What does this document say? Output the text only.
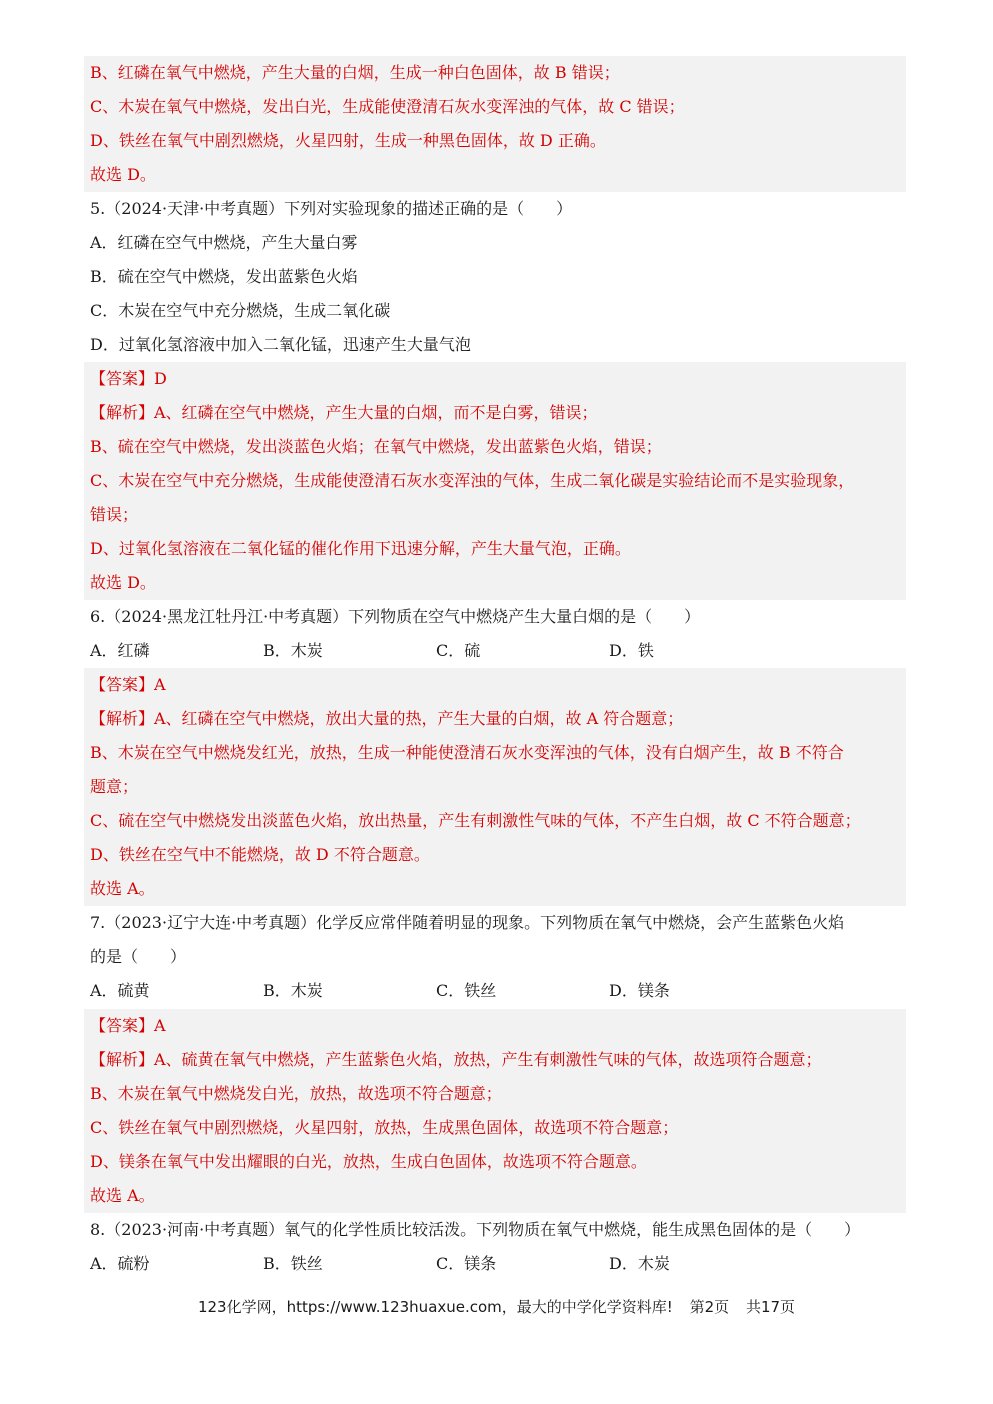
B、红磷在氧气中燃烧，产生大量的白烟，生成一种白色固体，故 B 错误；
C、木炭在氧气中燃烧，发出白光，生成能使澄清石灰水变浑浊的气体，故 C 错误；
D、铁丝在氧气中剧烈燃烧，火星四射，生成一种黑色固体，故 D 正确。
故选 D。
5.（2024·天津·中考真题）下列对实验现象的描述正确的是（　　）
A．红磷在空气中燃烧，产生大量白雾
B．硫在空气中燃烧，发出蓝紫色火焰
C．木炭在空气中充分燃烧，生成二氧化碳
D．过氧化氢溶液中加入二氧化锰，迅速产生大量气泡
【答案】D
【解析】A、红磷在空气中燃烧，产生大量的白烟，而不是白雾，错误；
B、硫在空气中燃烧，发出淡蓝色火焰；在氧气中燃烧，发出蓝紫色火焰，错误；
C、木炭在空气中充分燃烧，生成能使澄清石灰水变浑浊的气体，生成二氧化碳是实验结论而不是实验现象，
错误；
D、过氧化氢溶液在二氧化锰的催化作用下迅速分解，产生大量气泡，正确。
故选 D。
6.（2024·黑龙江牡丹江·中考真题）下列物质在空气中燃烧产生大量白烟的是（　　）
A．红磷	B．木炭	C．硫	D．铁
【答案】A
【解析】A、红磷在空气中燃烧，放出大量的热，产生大量的白烟，故 A 符合题意；
B、木炭在空气中燃烧发红光，放热，生成一种能使澄清石灰水变浑浊的气体，没有白烟产生，故 B 不符合
题意；
C、硫在空气中燃烧发出淡蓝色火焰，放出热量，产生有刺激性气味的气体，不产生白烟，故 C 不符合题意；
D、铁丝在空气中不能燃烧，故 D 不符合题意。
故选 A。
7.（2023·辽宁大连·中考真题）化学反应常伴随着明显的现象。下列物质在氧气中燃烧，会产生蓝紫色火焰
的是（　　）
A．硫黄	B．木炭	C．铁丝	D．镁条
【答案】A
【解析】A、硫黄在氧气中燃烧，产生蓝紫色火焰，放热，产生有刺激性气味的气体，故选项符合题意；
B、木炭在氧气中燃烧发白光，放热，故选项不符合题意；
C、铁丝在氧气中剧烈燃烧，火星四射，放热，生成黑色固体，故选项不符合题意；
D、镁条在氧气中发出耀眼的白光，放热，生成白色固体，故选项不符合题意。
故选 A。
8.（2023·河南·中考真题）氧气的化学性质比较活泼。下列物质在氧气中燃烧，能生成黑色固体的是（　　）
A．硫粉	B．铁丝	C．镁条	D．木炭
123化学网，https://www.123huaxue.com，最大的中学化学资料库! 第2页 共17页
